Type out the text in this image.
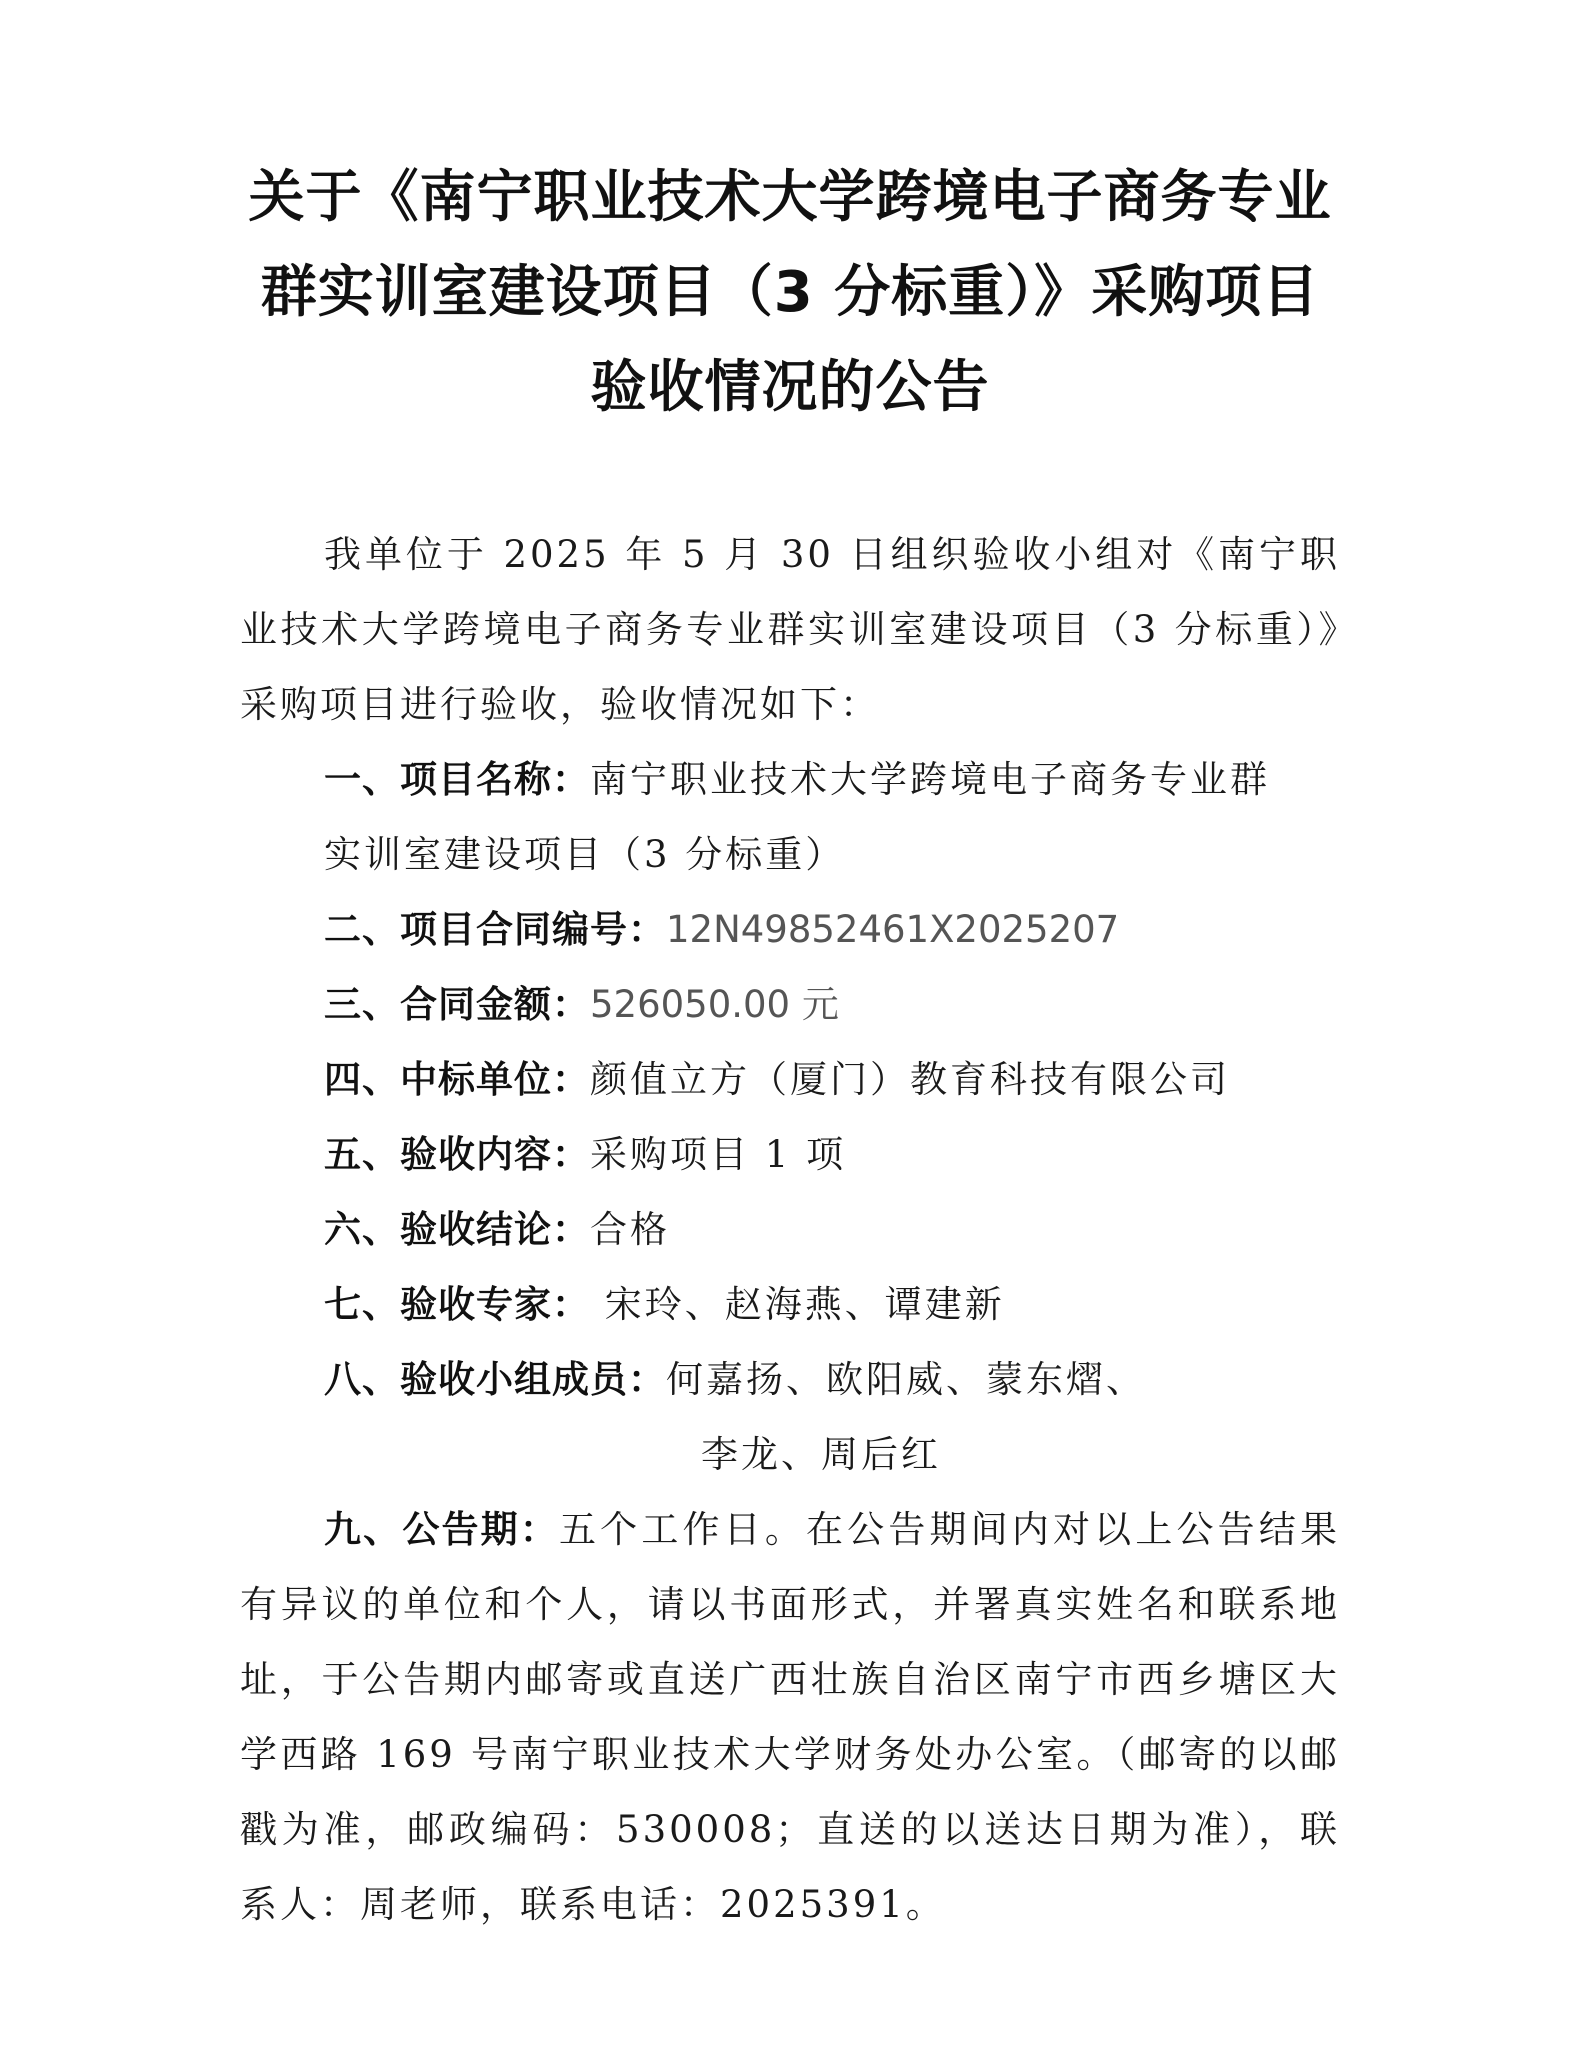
关于《南宁职业技术大学跨境电子商务专业
群实训室建设项目（3 分标重）》采购项目
验收情况的公告

我单位于 2025 年 5 月 30 日组织验收小组对《南宁职业技术大学跨境电子商务专业群实训室建设项目（3 分标重）》采购项目进行验收，验收情况如下：

一、项目名称：南宁职业技术大学跨境电子商务专业群
实训室建设项目（3 分标重）

二、项目合同编号：12N49852461X2025207

三、合同金额：526050.00 元

四、中标单位：颜值立方（厦门）教育科技有限公司

五、验收内容：采购项目 1 项

六、验收结论：合格

七、验收专家： 宋玲、赵海燕、谭建新

八、验收小组成员：何嘉扬、欧阳威、蒙东熠、
李龙、周后红

九、公告期：五个工作日。在公告期间内对以上公告结果有异议的单位和个人，请以书面形式，并署真实姓名和联系地址，于公告期内邮寄或直送广西壮族自治区南宁市西乡塘区大学西路 169 号南宁职业技术大学财务处办公室。（邮寄的以邮戳为准，邮政编码：530008；直送的以送达日期为准），联系人：周老师，联系电话：2025391。
